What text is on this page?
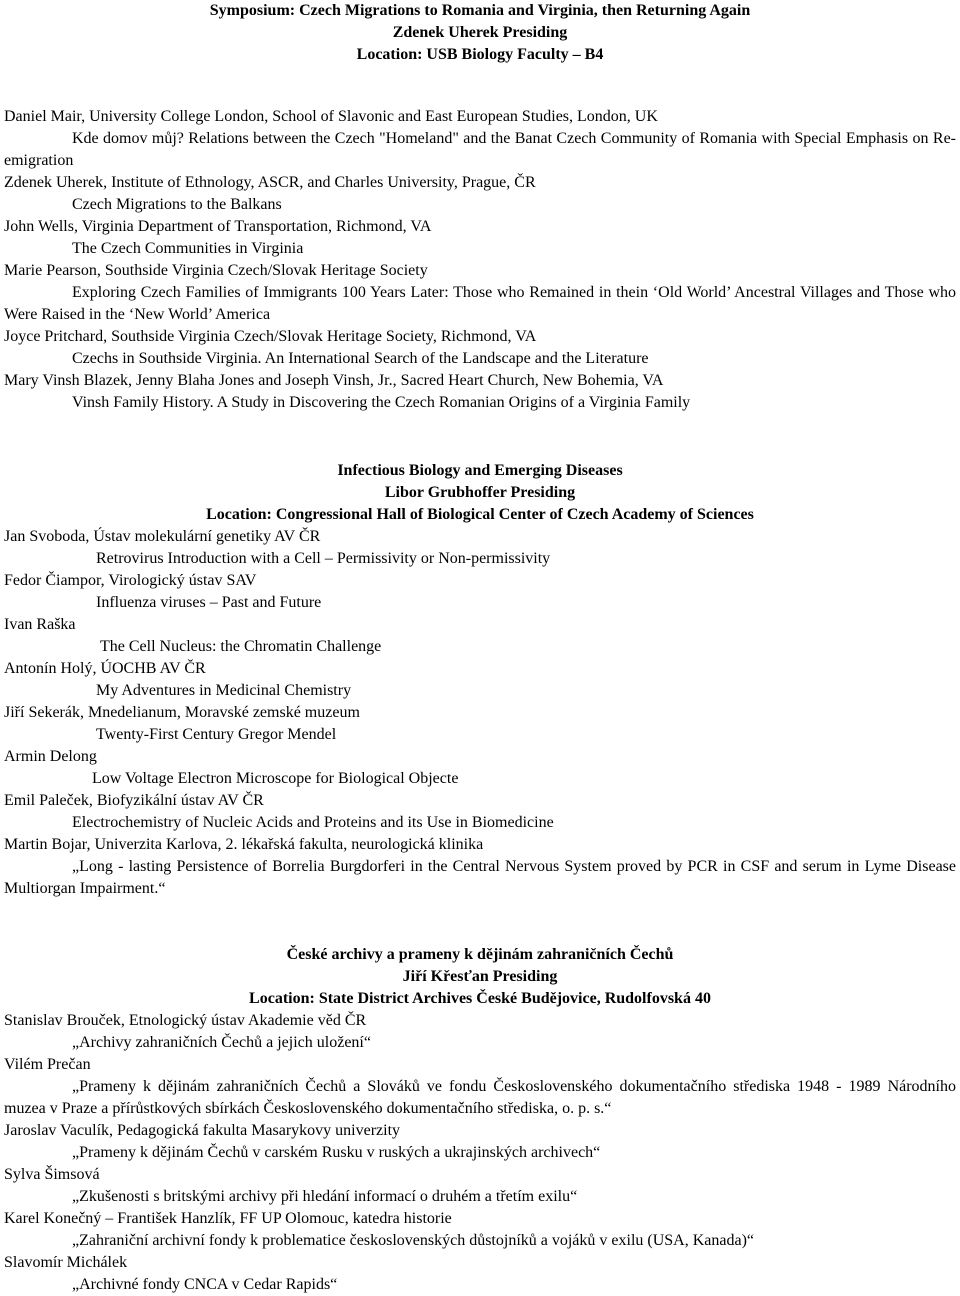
Symposium: Czech Migrations to Romania and Virginia, then Returning Again
Zdenek Uherek Presiding
Location: USB Biology Faculty – B4
Daniel Mair, University College London, School of Slavonic and East European Studies, London, UK
Kde domov můj? Relations between the Czech "Homeland" and the Banat Czech Community of Romania with Special Emphasis on Re-emigration
Zdenek Uherek, Institute of Ethnology, ASCR, and Charles University, Prague, ČR
Czech Migrations to the Balkans
John Wells, Virginia Department of Transportation, Richmond, VA
The Czech Communities in Virginia
Marie Pearson, Southside Virginia Czech/Slovak Heritage Society
Exploring Czech Families of Immigrants 100 Years Later: Those who Remained in thein ‘Old World’ Ancestral Villages and Those who Were Raised in the ‘New World’ America
Joyce Pritchard, Southside Virginia Czech/Slovak Heritage Society, Richmond, VA
Czechs in Southside Virginia. An International Search of the Landscape and the Literature
Mary Vinsh Blazek, Jenny Blaha Jones and Joseph Vinsh, Jr., Sacred Heart Church, New Bohemia, VA
Vinsh Family History. A Study in Discovering the Czech Romanian Origins of a Virginia Family
Infectious Biology and Emerging Diseases
Libor Grubhoffer Presiding
Location: Congressional Hall of Biological Center of Czech Academy of Sciences
Jan Svoboda, Ústav molekulární genetiky AV ČR
Retrovirus Introduction with a Cell – Permissivity or Non-permissivity
Fedor Čiampor, Virologický ústav SAV
Influenza viruses – Past and Future
Ivan Raška
The Cell Nucleus: the Chromatin Challenge
Antonín Holý, ÚOCHB AV ČR
My Adventures in Medicinal Chemistry
Jiří Sekerák, Mnedelianum, Moravské zemské muzeum
Twenty-First Century Gregor Mendel
Armin Delong
Low Voltage Electron Microscope for Biological Objecte
Emil Paleček, Biofyzikální ústav AV ČR
Electrochemistry of Nucleic Acids and Proteins and its Use in Biomedicine
Martin Bojar, Univerzita Karlova, 2. lékařská fakulta, neurologická klinika
„Long - lasting Persistence of Borrelia Burgdorferi in the Central Nervous System proved by PCR in CSF and serum in Lyme Disease Multiorgan Impairment.“
České archivy a prameny k dějinám zahraničních Čechů
Jiří Křesťan Presiding
Location: State District Archives České Budějovice, Rudolfovská 40
Stanislav Brouček, Etnologický ústav Akademie věd ČR
„Archivy zahraničních Čechů a jejich uložení“
Vilém Prečan
„Prameny k dějinám zahraničních Čechů a Slováků ve fondu Československého dokumentačního střediska 1948 - 1989 Národního muzea v Praze a přírůstkových sbírkách Československého dokumentačního střediska, o. p. s.“
Jaroslav Vaculík, Pedagogická fakulta Masarykovy univerzity
„Prameny k dějinám Čechů v carském Rusku v ruských a ukrajinských archivech“
Sylva Šimsová
„Zkušenosti s britskými archivy při hledání informací o druhém a třetím exilu“
Karel Konečný – František Hanzlík, FF UP Olomouc, katedra historie
„Zahraniční archivní fondy k problematice československých důstojníků a vojáků v exilu (USA, Kanada)“
Slavomír Michálek
„Archivné fondy CNCA v Cedar Rapids“
